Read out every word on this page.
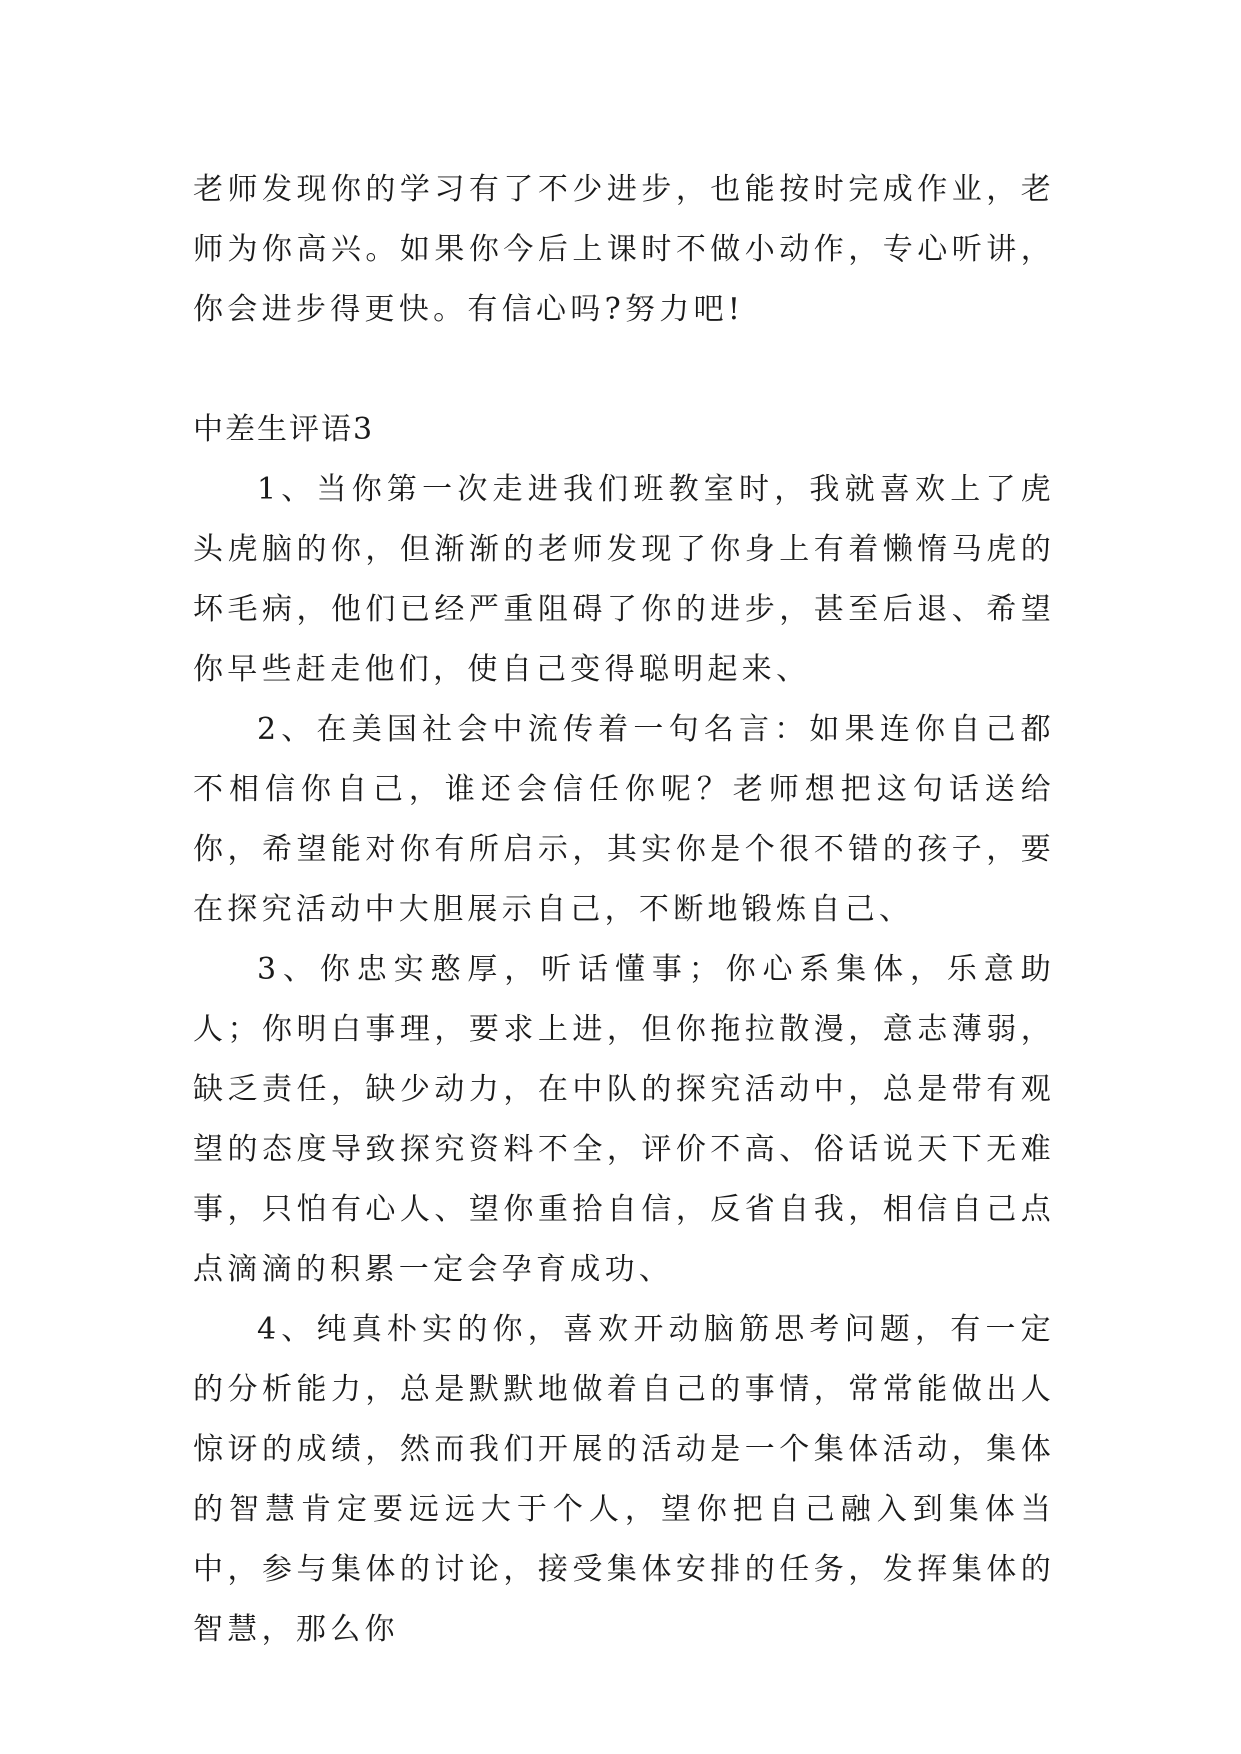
老师发现你的学习有了不少进步，也能按时完成作业，老师为你高兴。如果你今后上课时不做小动作，专心听讲，你会进步得更快。有信心吗?努力吧!

中差生评语3

1、当你第一次走进我们班教室时，我就喜欢上了虎头虎脑的你，但渐渐的老师发现了你身上有着懒惰马虎的坏毛病，他们已经严重阻碍了你的进步，甚至后退、希望你早些赶走他们，使自己变得聪明起来、

2、在美国社会中流传着一句名言：如果连你自己都不相信你自己，谁还会信任你呢？老师想把这句话送给你，希望能对你有所启示，其实你是个很不错的孩子，要在探究活动中大胆展示自己，不断地锻炼自己、

3、你忠实憨厚，听话懂事；你心系集体，乐意助人；你明白事理，要求上进，但你拖拉散漫，意志薄弱，缺乏责任，缺少动力，在中队的探究活动中，总是带有观望的态度导致探究资料不全，评价不高、俗话说天下无难事，只怕有心人、望你重拾自信，反省自我，相信自己点点滴滴的积累一定会孕育成功、

4、纯真朴实的你，喜欢开动脑筋思考问题，有一定的分析能力，总是默默地做着自己的事情，常常能做出人惊讶的成绩，然而我们开展的活动是一个集体活动，集体的智慧肯定要远远大于个人，望你把自己融入到集体当中，参与集体的讨论，接受集体安排的任务，发挥集体的智慧，那么你
